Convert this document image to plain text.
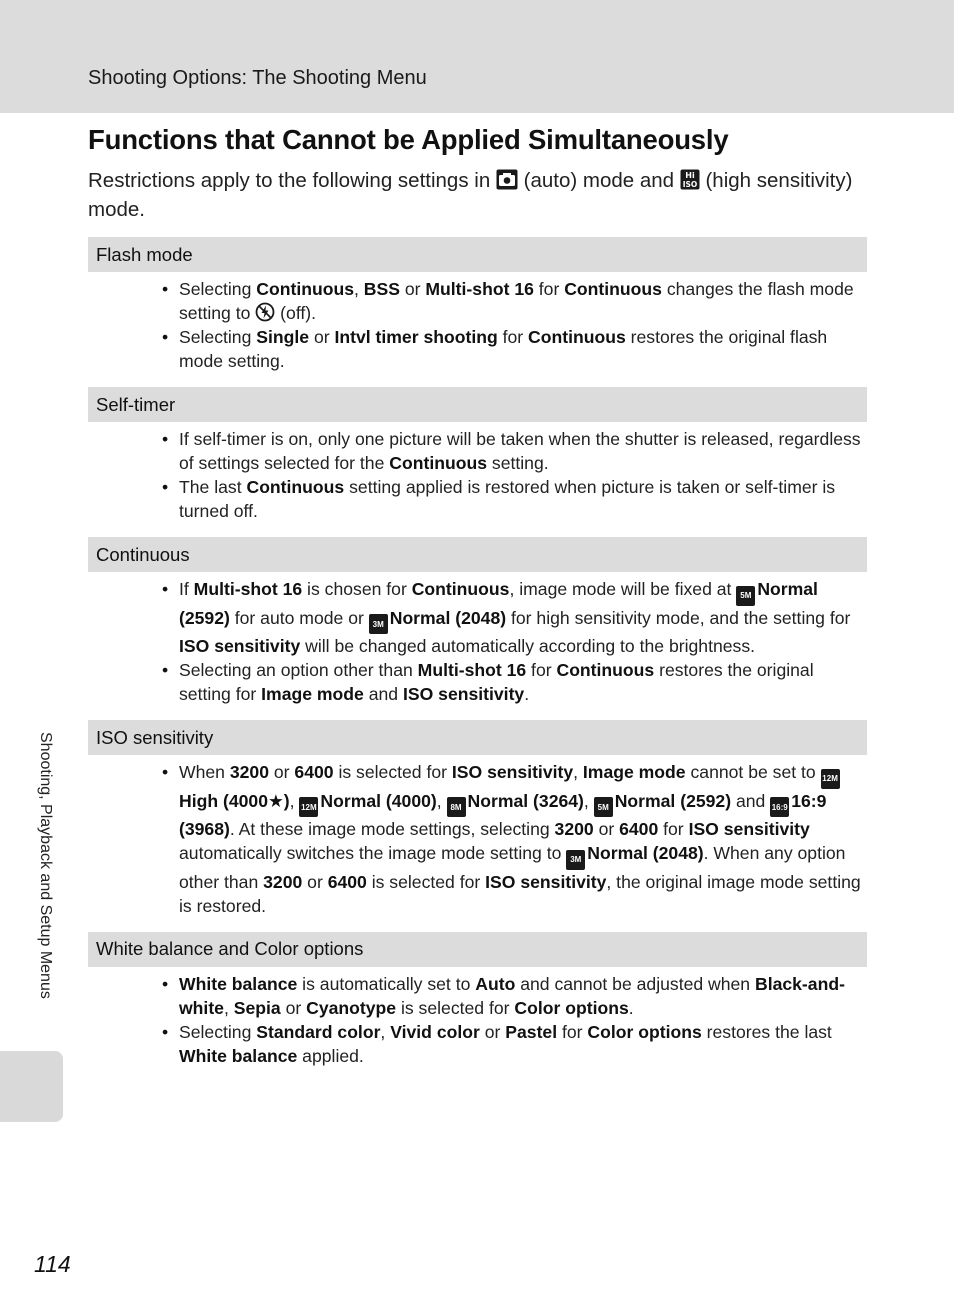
Shooting Options: The Shooting Menu
Functions that Cannot be Applied Simultaneously

Restrictions apply to the following settings in (auto) mode and Hi
ISO (high sensitivity) mode.

Flash mode
• Selecting Continuous, BSS or Multi-shot 16 for Continuous changes the flash mode setting to  (off).
• Selecting Single or Intvl timer shooting for Continuous restores the original flash mode setting.
Self-timer
• If self-timer is on, only one picture will be taken when the shutter is released, regardless of settings selected for the Continuous setting.
• The last Continuous setting applied is restored when picture is taken or self-timer is turned off.
Continuous
• If Multi-shot 16 is chosen for Continuous, image mode will be fixed at 5M Normal (2592) for auto mode or 3M Normal (2048) for high sensitivity mode, and the setting for ISO sensitivity will be changed automatically according to the brightness.
• Selecting an option other than Multi-shot 16 for Continuous restores the original setting for Image mode and ISO sensitivity.
ISO sensitivity
• When 3200 or 6400 is selected for ISO sensitivity, Image mode cannot be set to 12M
High (4000★), 12M Normal (4000), 8M Normal (3264), 5M Normal (2592) and 16:9 16:9 (3968). At these image mode settings, selecting 3200 or 6400 for ISO sensitivity automatically switches the image mode setting to 3M Normal (2048). When any option other than 3200 or 6400 is selected for ISO sensitivity, the original image mode setting is restored.
White balance and Color options
• White balance is automatically set to Auto and cannot be adjusted when Black-and-white, Sepia or Cyanotype is selected for Color options.
• Selecting Standard color, Vivid color or Pastel for Color options restores the last White balance applied.
Shooting, Playback and Setup Menus
114
